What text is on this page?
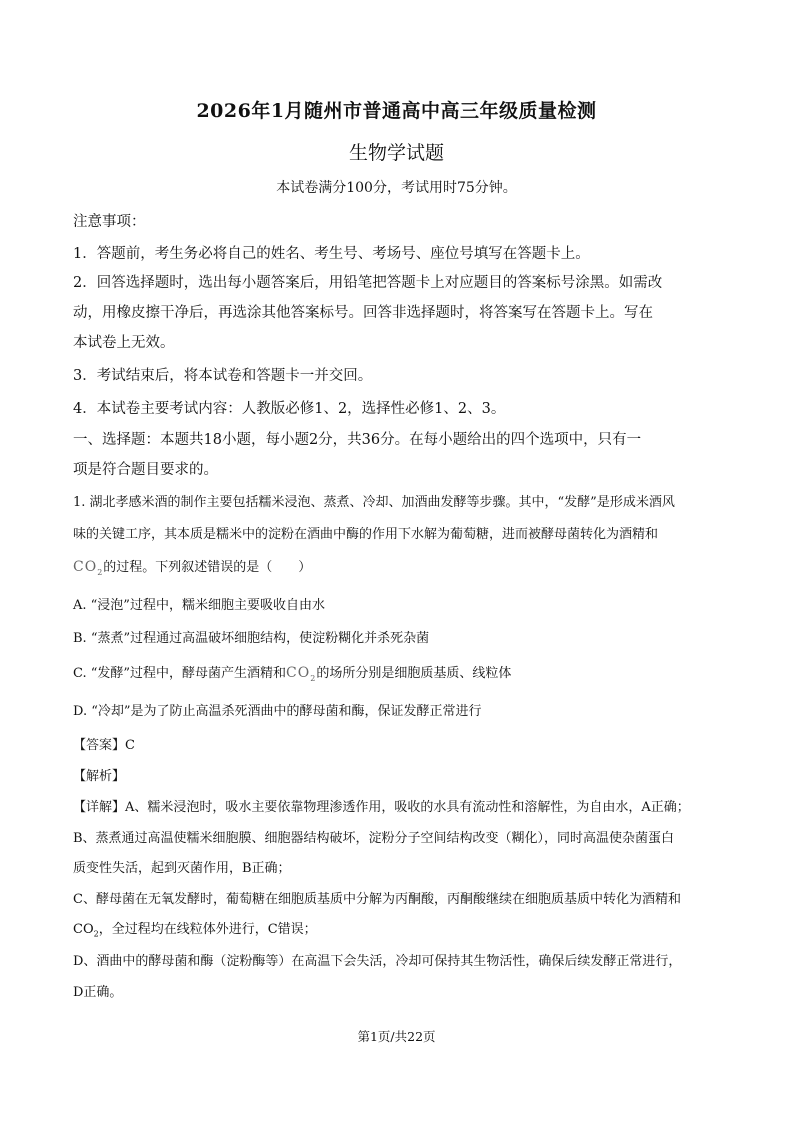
2026年1月随州市普通高中高三年级质量检测
生物学试题
本试卷满分100分，考试用时75分钟。
注意事项：
1．答题前，考生务必将自己的姓名、考生号、考场号、座位号填写在答题卡上。
2．回答选择题时，选出每小题答案后，用铅笔把答题卡上对应题目的答案标号涂黑。如需改
动，用橡皮擦干净后，再选涂其他答案标号。回答非选择题时，将答案写在答题卡上。写在
本试卷上无效。
3．考试结束后，将本试卷和答题卡一并交回。
4．本试卷主要考试内容：人教版必修1、2，选择性必修1、2、3。
一、选择题：本题共18小题，每小题2分，共36分。在每小题给出的四个选项中，只有一
项是符合题目要求的。
1. 湖北孝感米酒的制作主要包括糯米浸泡、蒸煮、冷却、加酒曲发酵等步骤。其中，“发酵”是形成米酒风
味的关键工序，其本质是糯米中的淀粉在酒曲中酶的作用下水解为葡萄糖，进而被酵母菌转化为酒精和
$CO_2$的过程。下列叙述错误的是（　　）
A. “浸泡”过程中，糯米细胞主要吸收自由水
B. “蒸煮”过程通过高温破坏细胞结构，使淀粉糊化并杀死杂菌
C. “发酵”过程中，酵母菌产生酒精和$CO_2$的场所分别是细胞质基质、线粒体
D. “冷却”是为了防止高温杀死酒曲中的酵母菌和酶，保证发酵正常进行
【答案】C
【解析】
【详解】A、糯米浸泡时，吸水主要依靠物理渗透作用，吸收的水具有流动性和溶解性，为自由水，A正确；
B、蒸煮通过高温使糯米细胞膜、细胞器结构破坏，淀粉分子空间结构改变（糊化），同时高温使杂菌蛋白
质变性失活，起到灭菌作用，B正确；
C、酵母菌在无氧发酵时，葡萄糖在细胞质基质中分解为丙酮酸，丙酮酸继续在细胞质基质中转化为酒精和
$CO_2$，全过程均在线粒体外进行，C错误；
D、酒曲中的酵母菌和酶（淀粉酶等）在高温下会失活，冷却可保持其生物活性，确保后续发酵正常进行，
D正确。
第1页/共22页
